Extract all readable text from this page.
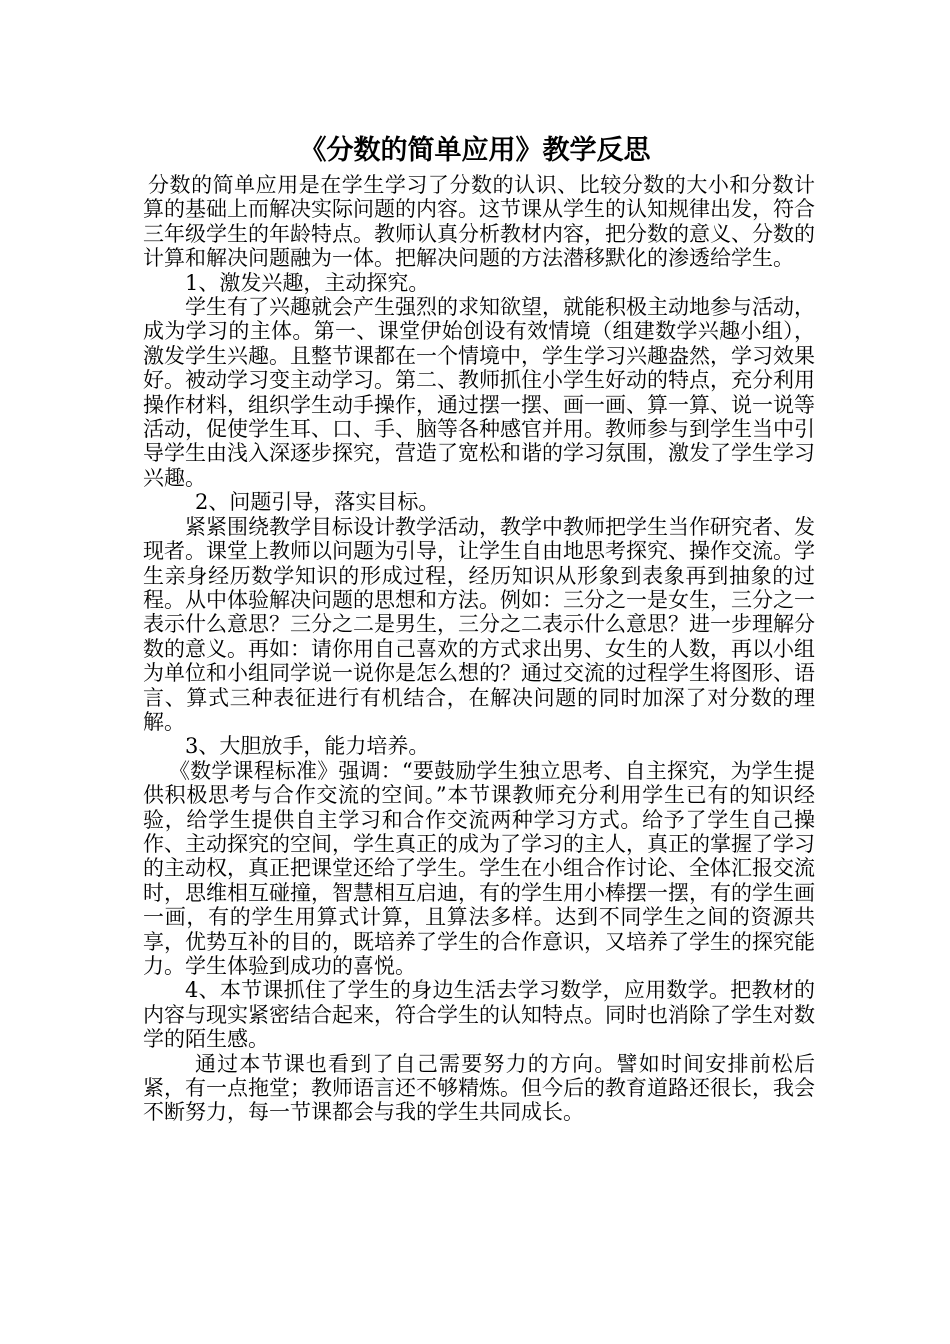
《分数的简单应用》教学反思

分数的简单应用是在学生学习了分数的认识、比较分数的大小和分数计算的基础上而解决实际问题的内容。这节课从学生的认知规律出发，符合三年级学生的年龄特点。教师认真分析教材内容，把分数的意义、分数的计算和解决问题融为一体。把解决问题的方法潜移默化的渗透给学生。

1、激发兴趣，主动探究。

学生有了兴趣就会产生强烈的求知欲望，就能积极主动地参与活动，成为学习的主体。第一、课堂伊始创设有效情境（组建数学兴趣小组），激发学生兴趣。且整节课都在一个情境中，学生学习兴趣盎然，学习效果好。被动学习变主动学习。第二、教师抓住小学生好动的特点，充分利用操作材料，组织学生动手操作，通过摆一摆、画一画、算一算、说一说等活动，促使学生耳、口、手、脑等各种感官并用。教师参与到学生当中引导学生由浅入深逐步探究，营造了宽松和谐的学习氛围，激发了学生学习兴趣。

2、问题引导，落实目标。

紧紧围绕教学目标设计教学活动，教学中教师把学生当作研究者、发现者。课堂上教师以问题为引导，让学生自由地思考探究、操作交流。学生亲身经历数学知识的形成过程，经历知识从形象到表象再到抽象的过程。从中体验解决问题的思想和方法。例如：三分之一是女生，三分之一表示什么意思？三分之二是男生，三分之二表示什么意思？进一步理解分数的意义。再如：请你用自己喜欢的方式求出男、女生的人数，再以小组为单位和小组同学说一说你是怎么想的？通过交流的过程学生将图形、语言、算式三种表征进行有机结合，在解决问题的同时加深了对分数的理解。

3、大胆放手，能力培养。

《数学课程标准》强调：“要鼓励学生独立思考、自主探究，为学生提供积极思考与合作交流的空间。”本节课教师充分利用学生已有的知识经验，给学生提供自主学习和合作交流两种学习方式。给予了学生自己操作、主动探究的空间，学生真正的成为了学习的主人，真正的掌握了学习的主动权，真正把课堂还给了学生。学生在小组合作讨论、全体汇报交流时，思维相互碰撞，智慧相互启迪，有的学生用小棒摆一摆，有的学生画一画，有的学生用算式计算，且算法多样。达到不同学生之间的资源共享，优势互补的目的，既培养了学生的合作意识，又培养了学生的探究能力。学生体验到成功的喜悦。

4、本节课抓住了学生的身边生活去学习数学，应用数学。把教材的内容与现实紧密结合起来，符合学生的认知特点。同时也消除了学生对数学的陌生感。

通过本节课也看到了自己需要努力的方向。譬如时间安排前松后紧，有一点拖堂；教师语言还不够精炼。但今后的教育道路还很长，我会不断努力，每一节课都会与我的学生共同成长。
